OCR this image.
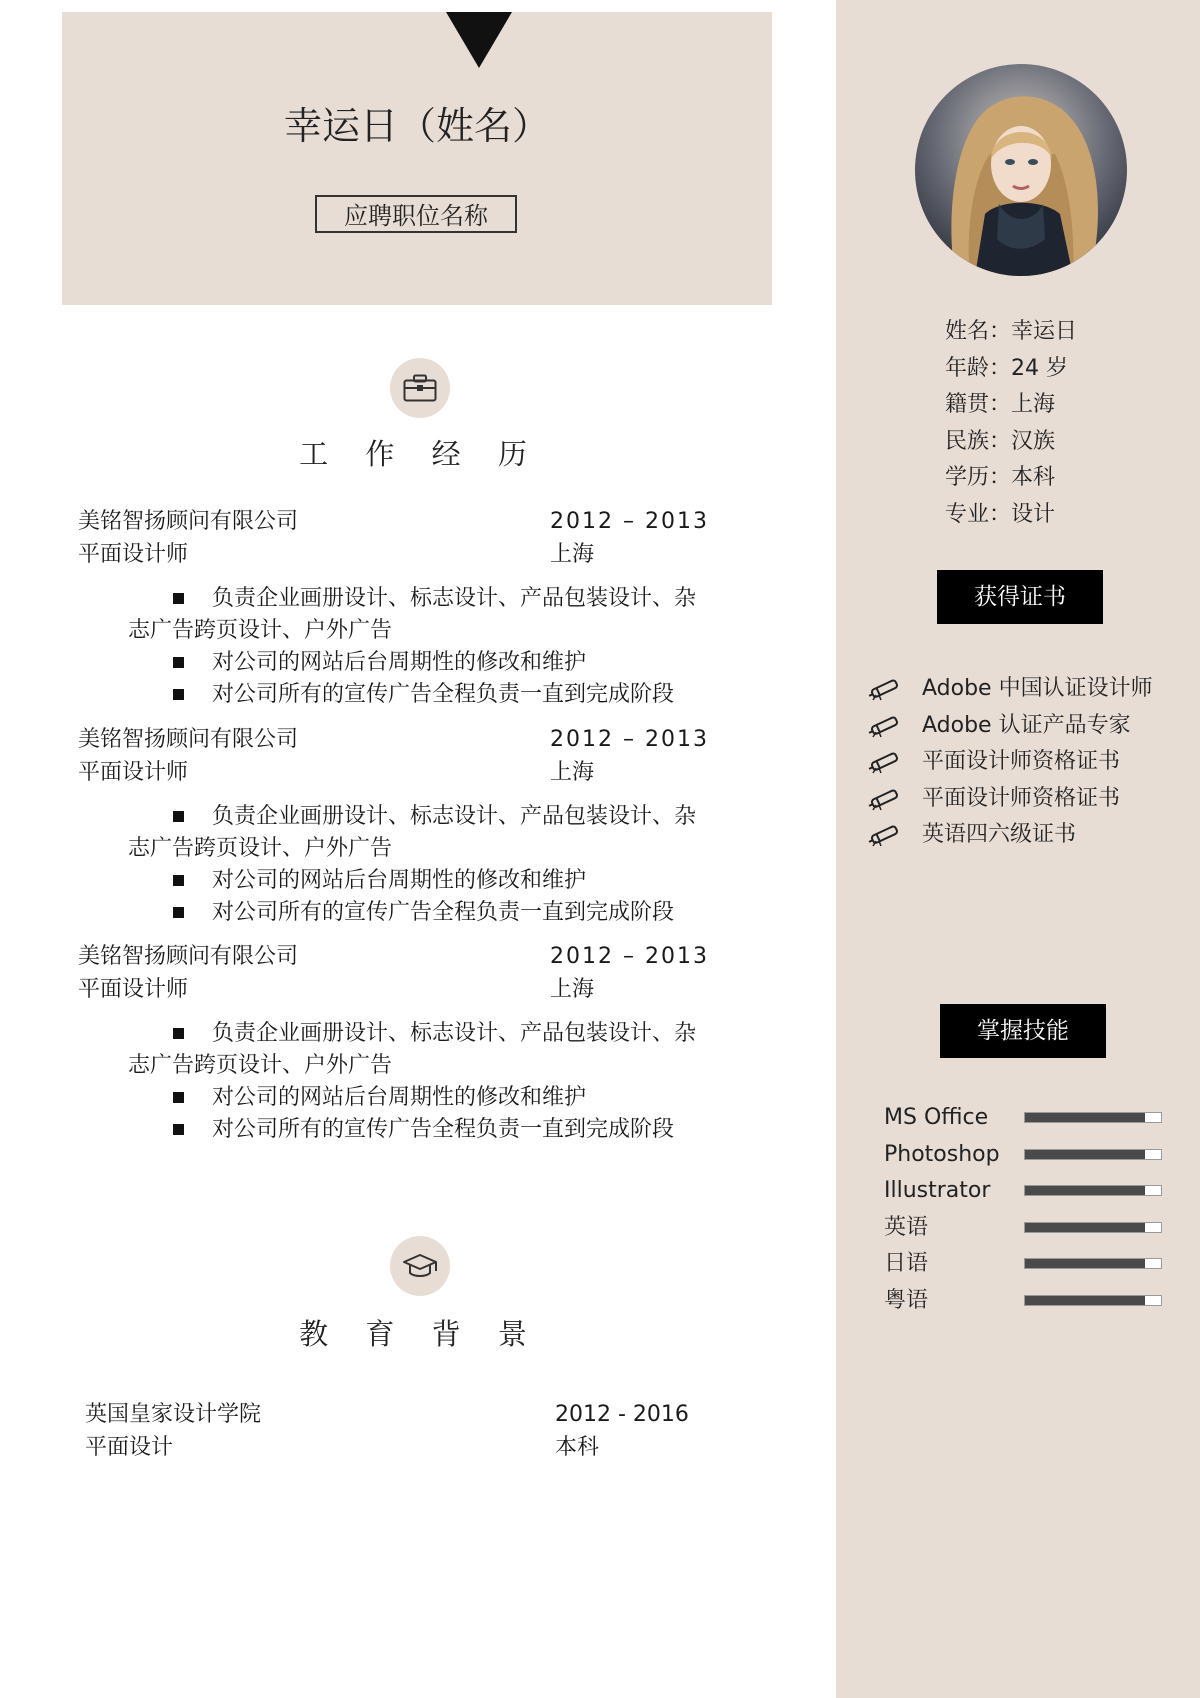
幸运日（姓名）
应聘职位名称
工 作 经 历
美铭智扬顾问有限公司	2012 – 2013
平面设计师	上海
负责企业画册设计、标志设计、产品包装设计、杂
志广告跨页设计、户外广告
对公司的网站后台周期性的修改和维护
对公司所有的宣传广告全程负责一直到完成阶段
美铭智扬顾问有限公司	2012 – 2013
平面设计师	上海
负责企业画册设计、标志设计、产品包装设计、杂
志广告跨页设计、户外广告
对公司的网站后台周期性的修改和维护
对公司所有的宣传广告全程负责一直到完成阶段
美铭智扬顾问有限公司	2012 – 2013
平面设计师	上海
负责企业画册设计、标志设计、产品包装设计、杂
志广告跨页设计、户外广告
对公司的网站后台周期性的修改和维护
对公司所有的宣传广告全程负责一直到完成阶段
教 育 背 景
英国皇家设计学院	2012 - 2016
平面设计	本科
姓名：幸运日
年龄：24 岁
籍贯：上海
民族：汉族
学历：本科
专业：设计
获得证书
Adobe 中国认证设计师
Adobe 认证产品专家
平面设计师资格证书
平面设计师资格证书
英语四六级证书
掌握技能
MS Office
Photoshop
Illustrator
英语
日语
粤语
